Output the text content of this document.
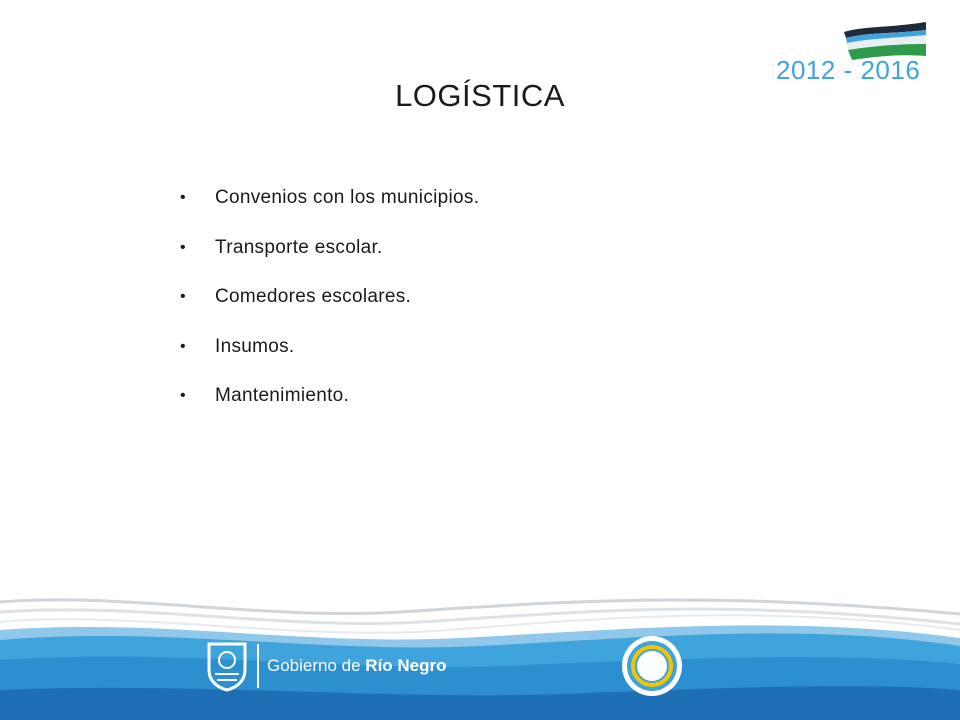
2012 - 2016
LOGÍSTICA
• Convenios con los municipios.
• Transporte escolar.
• Comedores escolares.
• Insumos.
• Mantenimiento.
Gobierno de Río Negro
